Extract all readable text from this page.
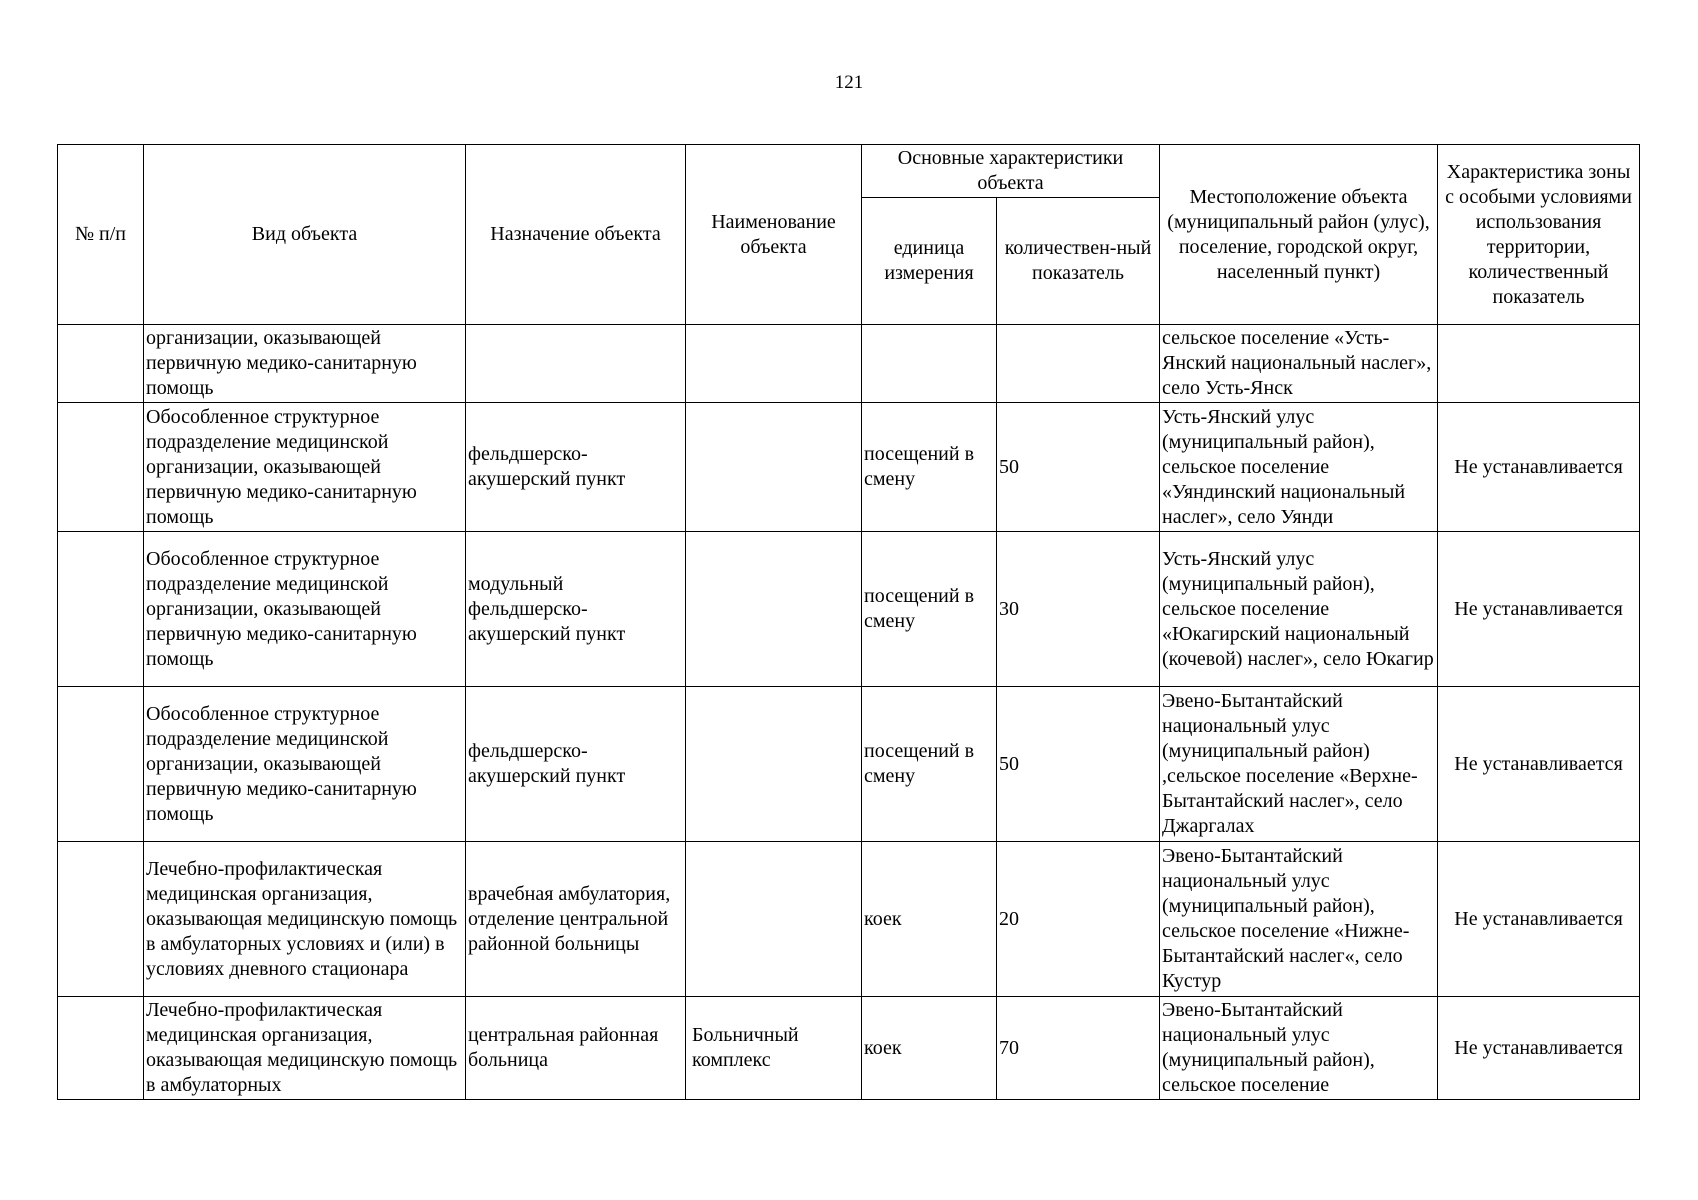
121
№ п/п	Вид объекта	Назначение объекта	Наименование объекта	Основные характеристики объекта		Местоположение объекта (муниципальный район (улус), поселение, городской округ, населенный пункт)	Характеристика зоны с особыми условиями использования территории, количественный показатель
				единица измерения	количествен-ный показатель		
	организации, оказывающей первичную медико-санитарную помощь					сельское поселение «Усть-Янский национальный наслег», село Усть-Янск	
	Обособленное структурное подразделение медицинской организации, оказывающей первичную медико-санитарную помощь	фельдшерско-акушерский пункт		посещений в смену	50	Усть-Янский улус (муниципальный район), сельское поселение «Уяндинский национальный наслег», село Уянди	Не устанавливается
	Обособленное структурное подразделение медицинской организации, оказывающей первичную медико-санитарную помощь	модульный фельдшерско-акушерский пункт		посещений в смену	30	Усть-Янский улус (муниципальный район), сельское поселение «Юкагирский национальный (кочевой) наслег», село Юкагир	Не устанавливается
	Обособленное структурное подразделение медицинской организации, оказывающей первичную медико-санитарную помощь	фельдшерско-акушерский пункт		посещений в смену	50	Эвено-Бытантайский национальный улус (муниципальный район) ,сельское поселение «Верхне-Бытантайский наслег», село Джаргалах	Не устанавливается
	Лечебно-профилактическая медицинская организация, оказывающая медицинскую помощь в амбулаторных условиях и (или) в условиях дневного стационара	врачебная амбулатория, отделение центральной районной больницы		коек	20	Эвено-Бытантайский национальный улус (муниципальный район), сельское поселение «Нижне-Бытантайский наслег«, село Кустур	Не устанавливается
	Лечебно-профилактическая медицинская организация, оказывающая медицинскую помощь в амбулаторных	центральная районная больница	Больничный комплекс	коек	70	Эвено-Бытантайский национальный улус (муниципальный район), сельское поселение	Не устанавливается
